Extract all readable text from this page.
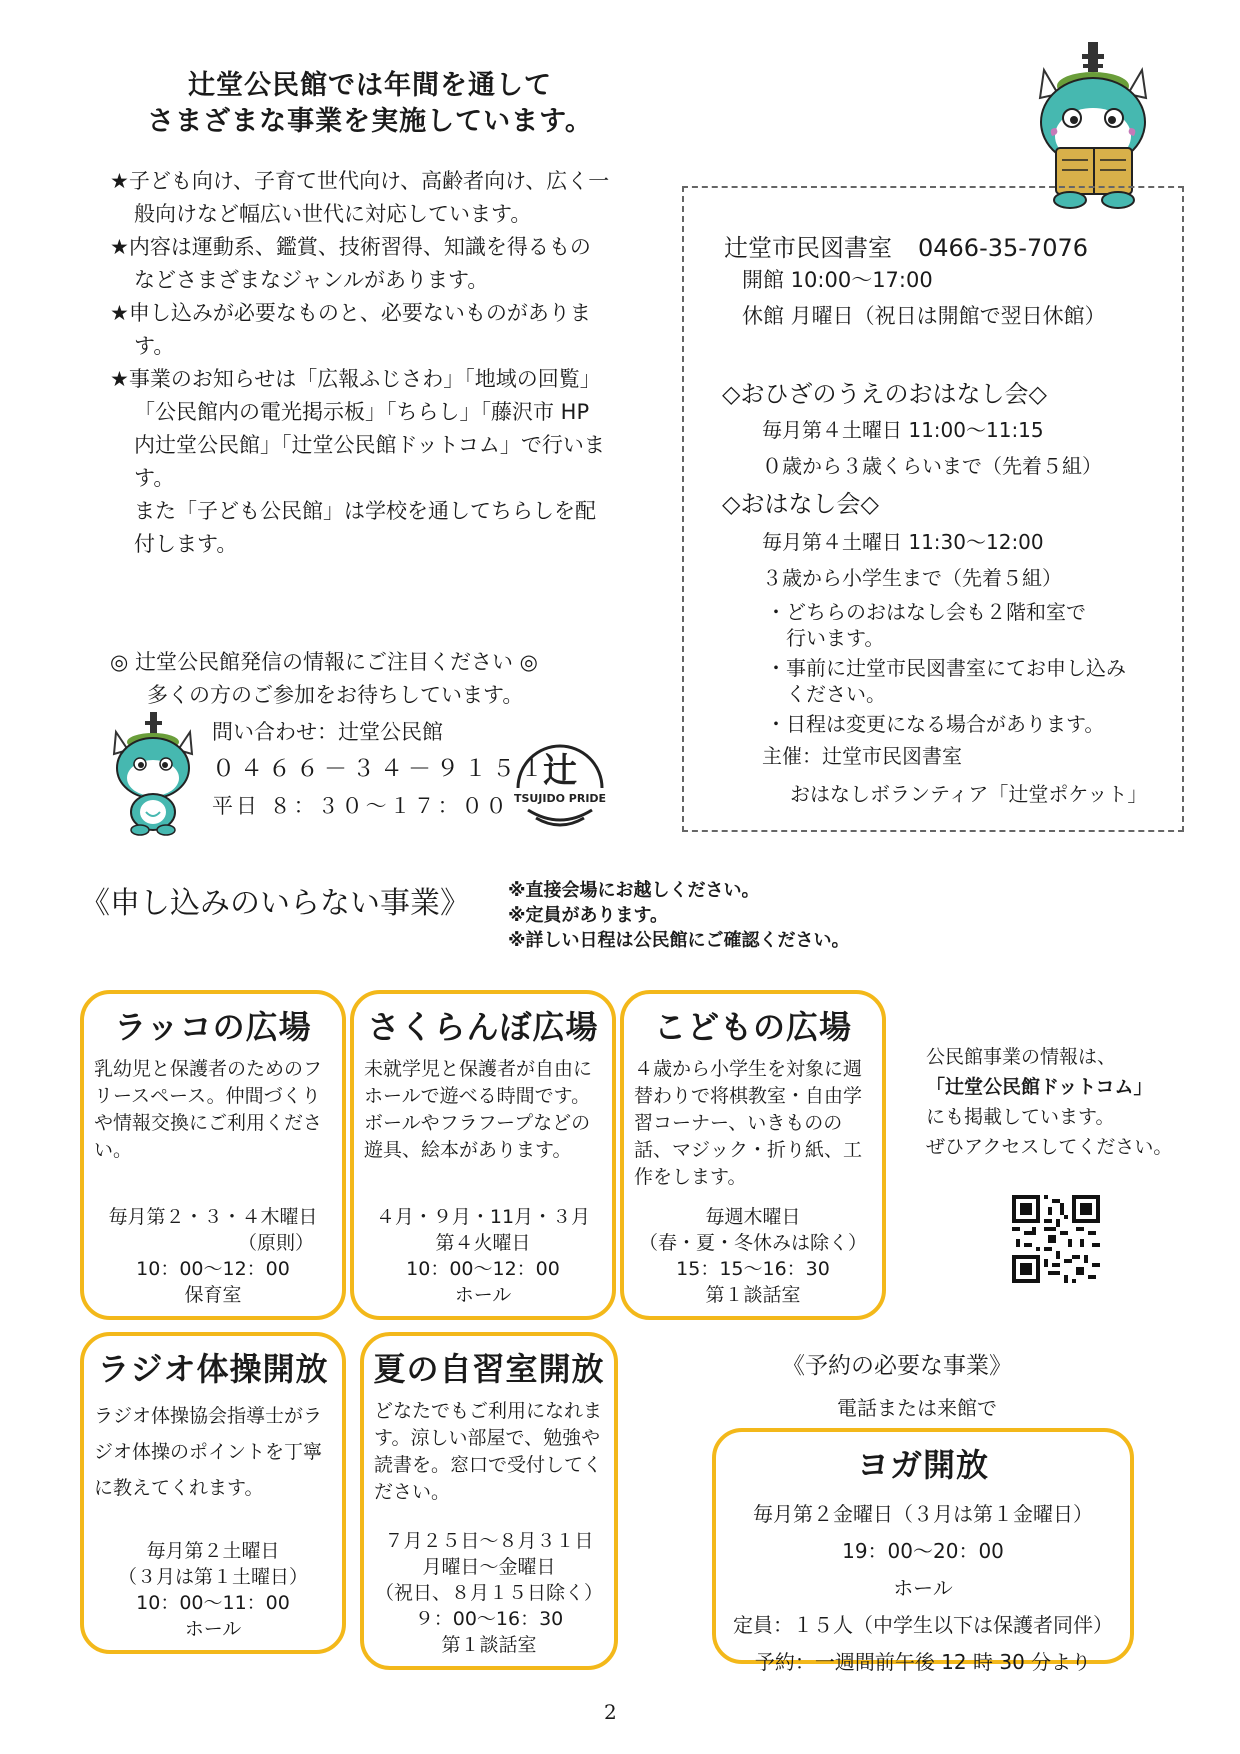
辻堂公民館では年間を通して
さまざまな事業を実施しています。
★子ども向け、子育て世代向け、高齢者向け、広く一般向けなど幅広い世代に対応しています。
★内容は運動系、鑑賞、技術習得、知識を得るものなどさまざまなジャンルがあります。
★申し込みが必要なものと、必要ないものがあります。
★事業のお知らせは「広報ふじさわ」「地域の回覧」「公民館内の電光掲示板」「ちらし」「藤沢市 HP 内辻堂公民館」「辻堂公民館ドットコム」で行います。
また「子ども公民館」は学校を通してちらしを配付します。
◎ 辻堂公民館発信の情報にご注目ください ◎
多くの方のご参加をお待ちしています。
問い合わせ：辻堂公民館
０４６６－３４－９１５１
平日 ８：３０～１７：００
辻
TSUJIDO PRIDE
辻堂市民図書室 0466-35-7076
開館 10:00～17:00
休館 月曜日（祝日は開館で翌日休館）
◇おひざのうえのおはなし会◇
毎月第４土曜日 11:00～11:15
０歳から３歳くらいまで（先着５組）
◇おはなし会◇
毎月第４土曜日 11:30～12:00
３歳から小学生まで（先着５組）
・どちらのおはなし会も２階和室で
行います。
・事前に辻堂市民図書室にてお申し込み
ください。
・日程は変更になる場合があります。
主催：辻堂市民図書室
おはなしボランティア「辻堂ポケット」
《申し込みのいらない事業》 ※直接会場にお越しください。
※定員があります。
※詳しい日程は公民館にご確認ください。
ラッコの広場
乳幼児と保護者のためのフリースペース。仲間づくりや情報交換にご利用ください。
毎月第２・３・４木曜日
（原則）
10：00～12：00
保育室
さくらんぼ広場
未就学児と保護者が自由にホールで遊べる時間です。ボールやフラフープなどの遊具、絵本があります。
４月・９月・11月・３月
第４火曜日
10：00～12：00
ホール
こどもの広場
４歳から小学生を対象に週替わりで将棋教室・自由学習コーナー、いきものの話、マジック・折り紙、工作をします。
毎週木曜日
（春・夏・冬休みは除く）
15：15～16：30
第１談話室
公民館事業の情報は、
「辻堂公民館ドットコム」
にも掲載しています。
ぜひアクセスしてください。
ラジオ体操開放
ラジオ体操協会指導士がラジオ体操のポイントを丁寧に教えてくれます。
毎月第２土曜日
（３月は第１土曜日）
10：00～11：00
ホール
夏の自習室開放
どなたでもご利用になれます。涼しい部屋で、勉強や読書を。窓口で受付してください。
７月２５日～８月３１日
月曜日～金曜日
（祝日、８月１５日除く）
９：00～16：30
第１談話室
《予約の必要な事業》
電話または来館で
ヨガ開放
毎月第２金曜日（３月は第１金曜日）
19：00～20：00
ホール
定員：１５人（中学生以下は保護者同伴）
予約：一週間前午後 12 時 30 分より
2
